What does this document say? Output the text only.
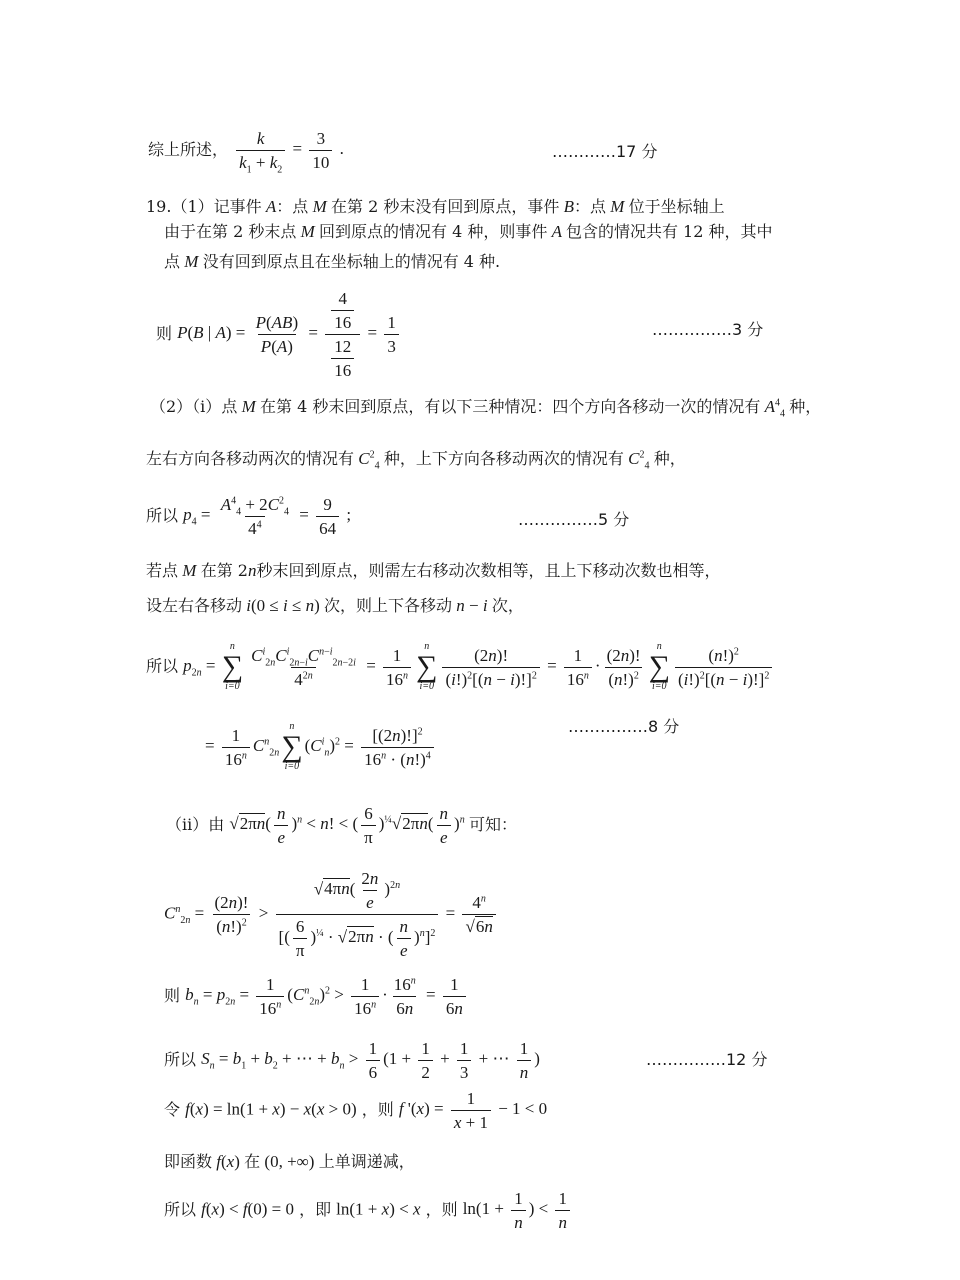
综上所述， $\frac{k}{k_1 + k_2} = \frac{3}{10}$ .	…………17 分
19.（1）记事件 A：点 M 在第 2 秒末没有回到原点，事件 B：点 M 位于坐标轴上
由于在第 2 秒末点 M 回到原点的情况有 4 种，则事件 A 包含的情况共有 12 种，其中
点 M 没有回到原点且在坐标轴上的情况有 4 种.
则 P(B | $A) = \frac{P(AB)}{P(A)} = \frac{\frac{4}{16}}{\frac{12}{16}} = \frac{1}{3}$	……………3 分
（2）（i）点 M 在第 4 秒末回到原点，有以下三种情况：四个方向各移动一次的情况有 $A^4_4$ 种，
左右方向各移动两次的情况有 $C^2_4$ 种，上下方向各移动两次的情况有 $C^2_4$ 种，
所以 $p_4 = \frac{A^4_4 + 2C^2_4}{4^4} = \frac{9}{64}$ ;	……………5 分
若点 M 在第 2n秒末回到原点，则需左右移动次数相等，且上下移动次数也相等，
设左右各移动 i(0 ≤ i ≤ n) 次，则上下各移动 n − i 次，
所以 $p_{2n}$ =
n
∑
$i=0 \frac{C^i_{2n}C^i_{2n-i}C^{n-i}_{2n-2i}}{4^{2n}} = \frac{1}{16^n}$ n
∑
$i=0 \frac{(2n)!}{(i!)^2[(n - i)!]^2} = \frac{1}{16^n} \cdot \frac{(2n)!}{(n!)^2}$ n
∑
$i=0 \frac{(n!)^2}{(i!)^2[(n - i)!]^2}$
= $\frac{1}{16^n} C^n_{2n}$
n
∑
i=0
$(C^i_n)^2 = \frac{[(2n)!]^2}{16^n \cdot (n!)^4}$	……………8 分
（ii）由 $√2\pi n( \frac{n}{e} )^n < n$! < ( $\frac{6}{\pi} )^{\frac{1}{4}}√2\pi n( \frac{n}{e} )^n$ 可知：
$C^n_{2n} = \frac{(2n)!}{(n!)^2} > \frac{√4\pi n( \frac{2n}{e} )^{2n}}{[( \frac{6}{\pi} )^{\frac{1}{4}} \cdot √2\pi n \cdot ( \frac{n}{e} )^n]^2} = \frac{4^n}{√6n}$
则 $b_n = p_{2n} = \frac{1}{16^n} (C^n_{2n})^2 > \frac{1}{16^n} \cdot \frac{16^n}{6n} = \frac{1}{6n}$
所以 $S_n = b_1 + b_2$ + ⋯ + $b_n > \frac{1}{6} (1 + \frac{1}{2} + \frac{1}{3}$ + ⋯ $\frac{1}{n}$ )	……………12 分
令 f(x) = ln(1 + x) − x(x > 0) ，则 f '$(x) = \frac{1}{x + 1} - 1 < 0$
即函数 f(x) 在 (0, +∞) 上单调递减，
所以 f(x) < f(0) = 0 ，即 ln(1 + x) < x ，则 $\ln(1 + \frac{1}{n}$ ) < $\frac{1}{n}$
